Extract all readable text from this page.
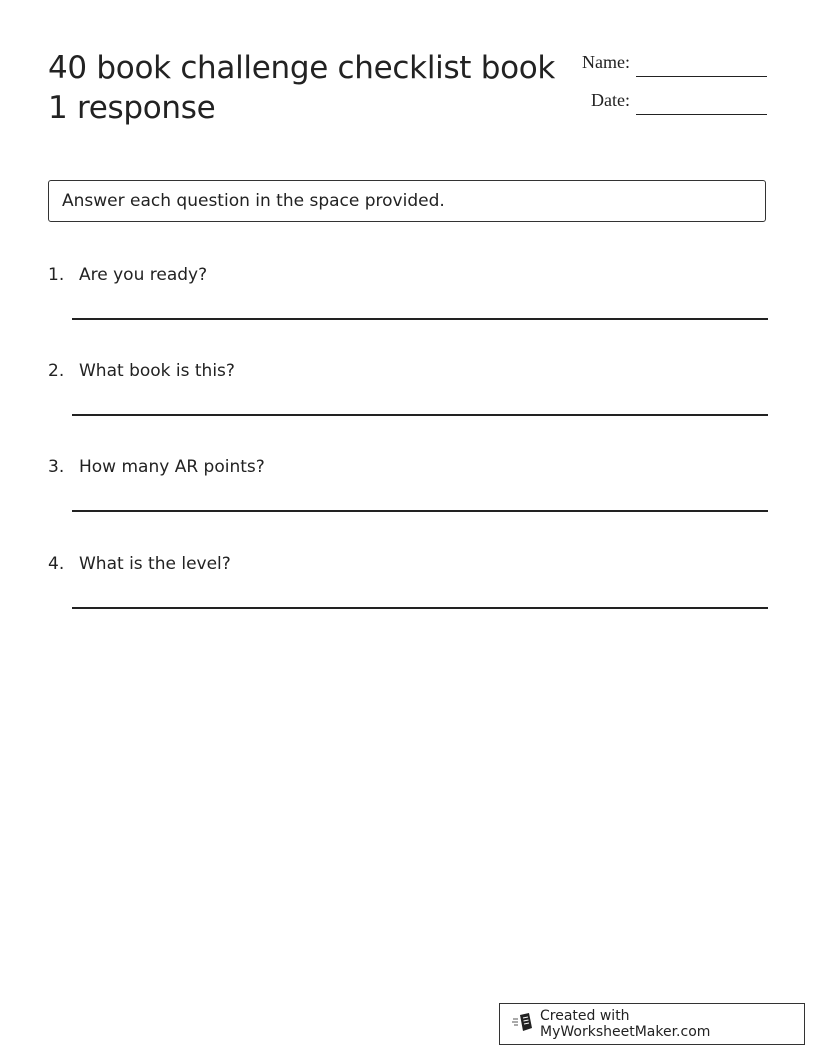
40 book challenge checklist book 1 response
Name:
Date:
Answer each question in the space provided.
1. Are you ready?
2. What book is this?
3. How many AR points?
4. What is the level?
Created with MyWorksheetMaker.com
